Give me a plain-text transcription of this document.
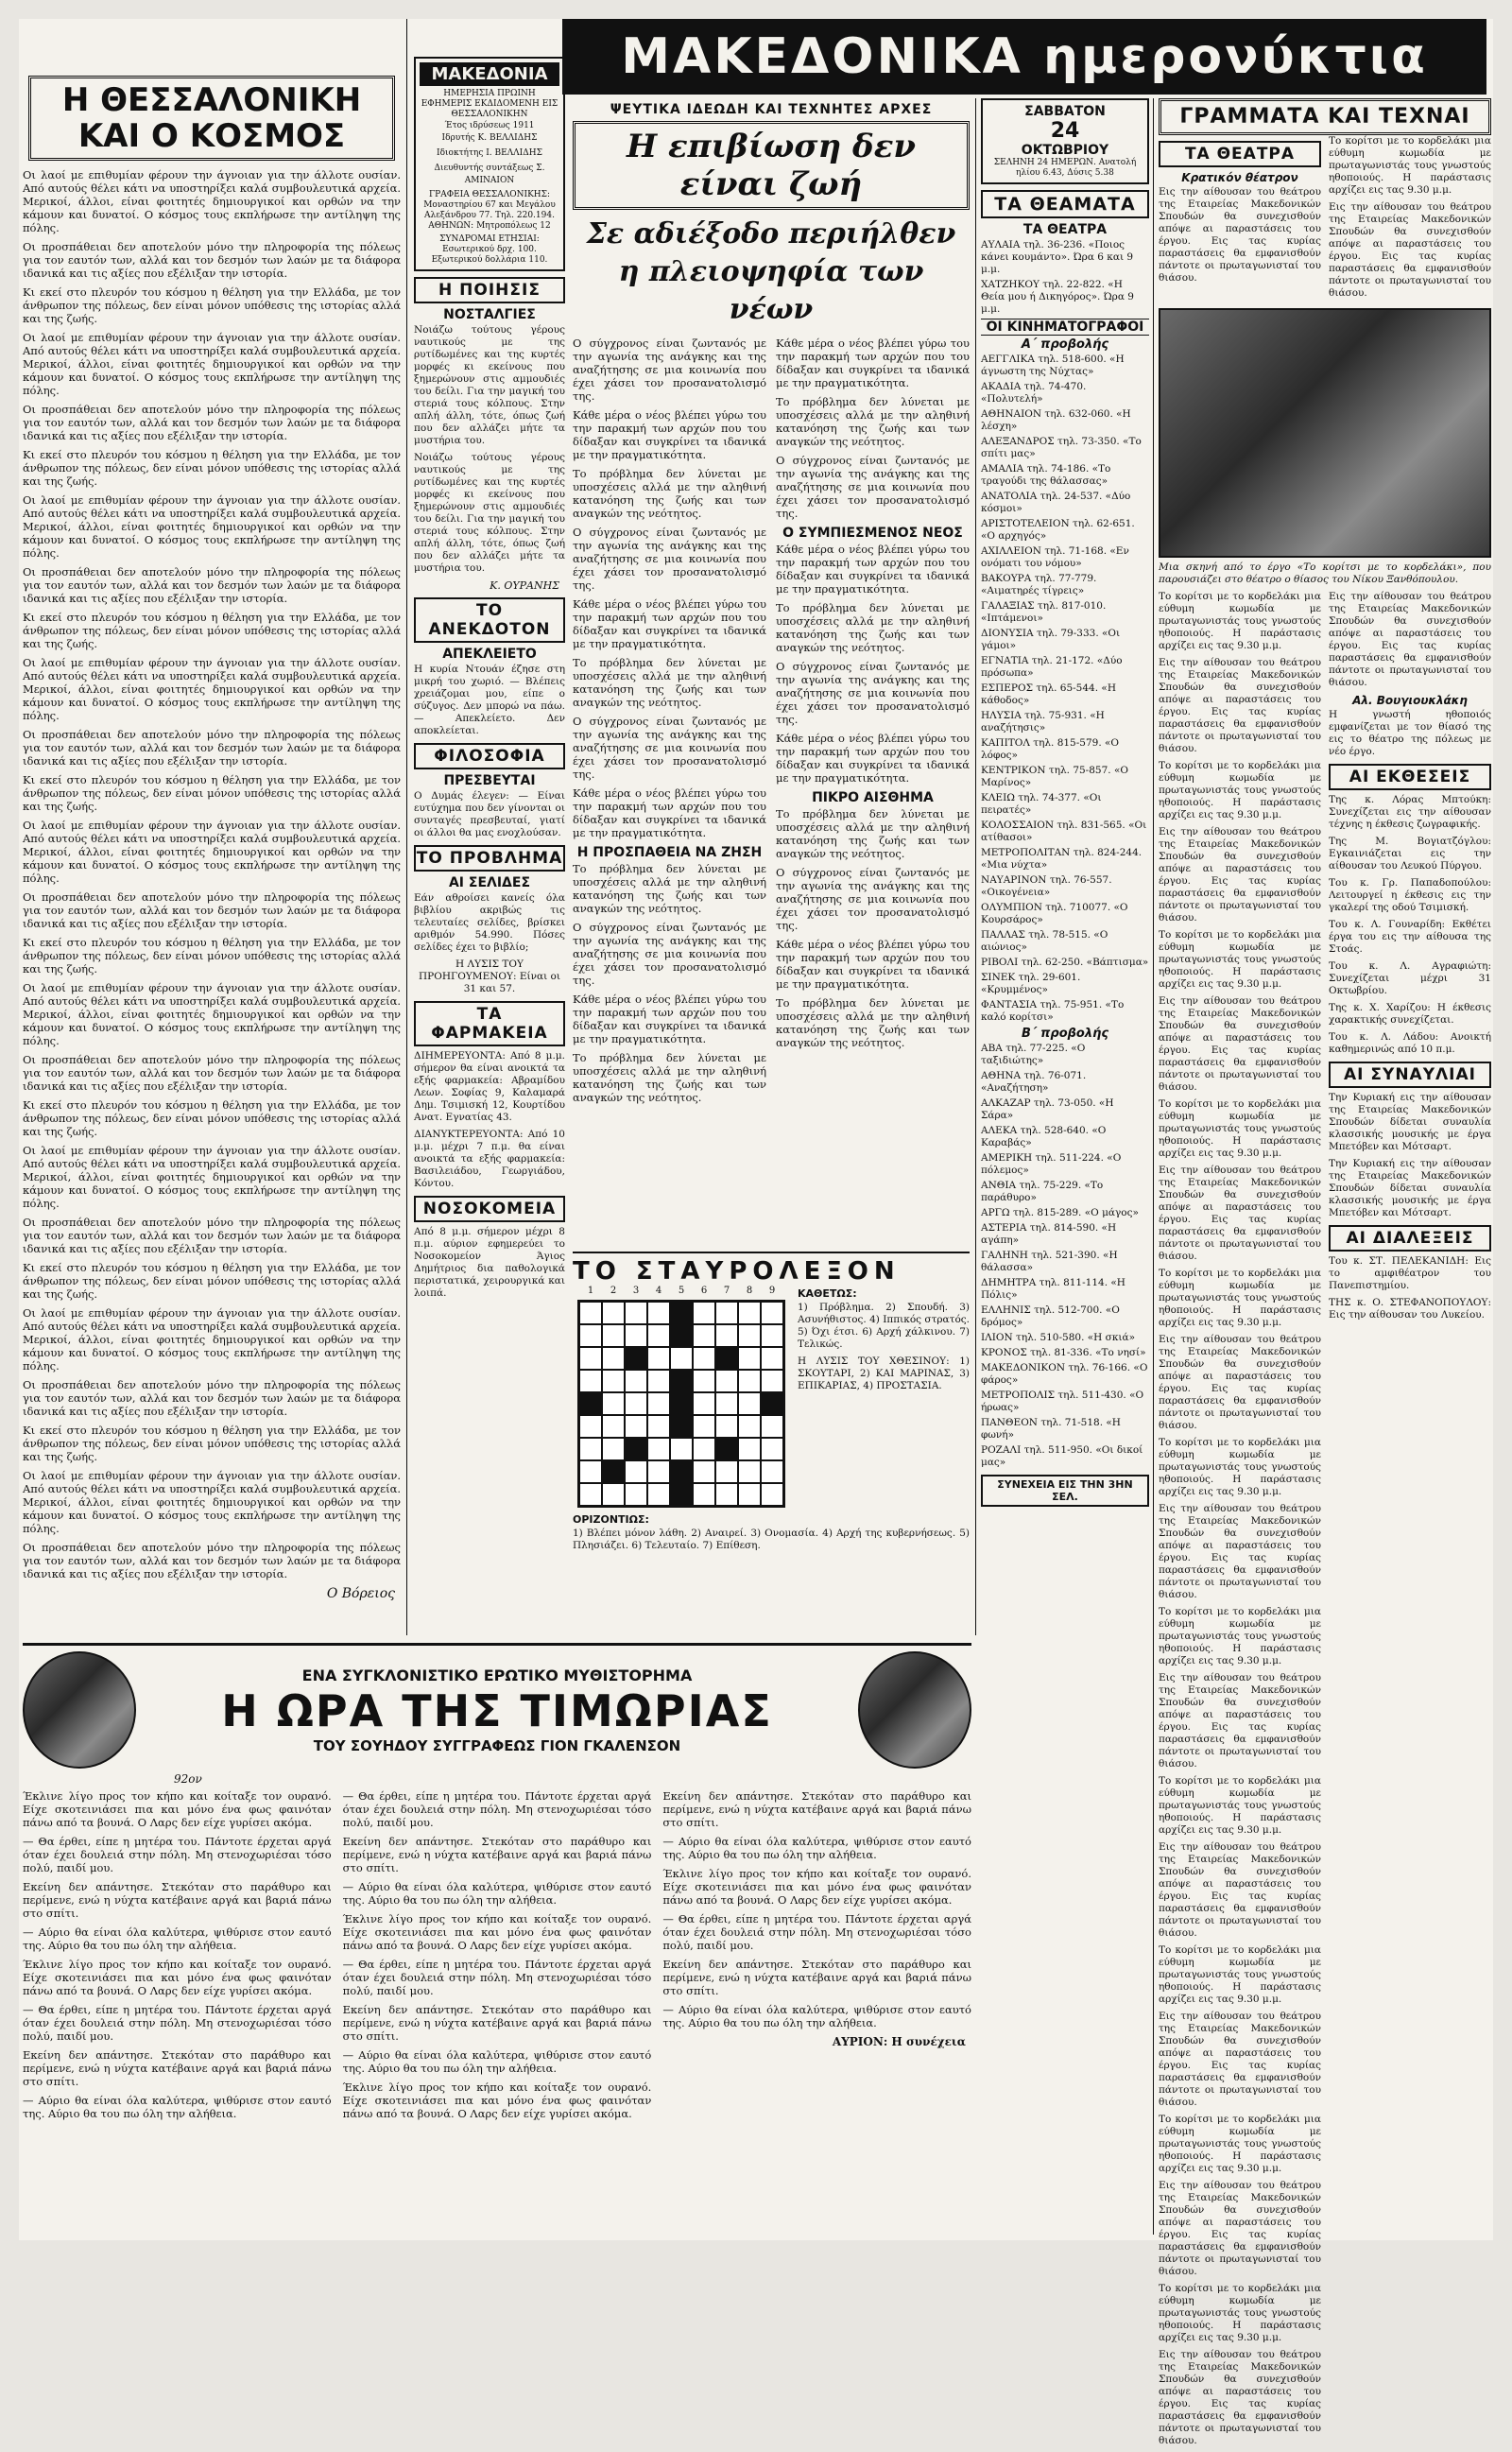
Η ΘΕΣΣΑΛΟΝΙΚΗ ΚΑΙ Ο ΚΟΣΜΟΣ

Οι λαοί με επιθυμίαν φέρουν την άγνοιαν για την άλλοτε ουσίαν. Από αυτούς θέλει κάτι να υποστηρίξει καλά συμβουλευτικά αρχεία. Μερικοί, άλλοι, είναι φοιτητές δημιουργικοί και ορθών να την κάμουν και δυνατοί. Ο κόσμος τους εκπλήρωσε την αντίληψη της πόλης.

Οι προσπάθειαι δεν αποτελούν μόνο την πληροφορία της πόλεως για τον εαυτόν των, αλλά και τον δεσμόν των λαών με τα διάφορα ιδανικά και τις αξίες που εξέλιξαν την ιστορία.

Κι εκεί στο πλευρόν του κόσμου η θέληση για την Ελλάδα, με τον άνθρωπον της πόλεως, δεν είναι μόνον υπόθεσις της ιστορίας αλλά και της ζωής.

Οι λαοί με επιθυμίαν φέρουν την άγνοιαν για την άλλοτε ουσίαν. Από αυτούς θέλει κάτι να υποστηρίξει καλά συμβουλευτικά αρχεία. Μερικοί, άλλοι, είναι φοιτητές δημιουργικοί και ορθών να την κάμουν και δυνατοί. Ο κόσμος τους εκπλήρωσε την αντίληψη της πόλης.

Οι προσπάθειαι δεν αποτελούν μόνο την πληροφορία της πόλεως για τον εαυτόν των, αλλά και τον δεσμόν των λαών με τα διάφορα ιδανικά και τις αξίες που εξέλιξαν την ιστορία.

Κι εκεί στο πλευρόν του κόσμου η θέληση για την Ελλάδα, με τον άνθρωπον της πόλεως, δεν είναι μόνον υπόθεσις της ιστορίας αλλά και της ζωής.

Οι λαοί με επιθυμίαν φέρουν την άγνοιαν για την άλλοτε ουσίαν. Από αυτούς θέλει κάτι να υποστηρίξει καλά συμβουλευτικά αρχεία. Μερικοί, άλλοι, είναι φοιτητές δημιουργικοί και ορθών να την κάμουν και δυνατοί. Ο κόσμος τους εκπλήρωσε την αντίληψη της πόλης.

Οι προσπάθειαι δεν αποτελούν μόνο την πληροφορία της πόλεως για τον εαυτόν των, αλλά και τον δεσμόν των λαών με τα διάφορα ιδανικά και τις αξίες που εξέλιξαν την ιστορία.

Κι εκεί στο πλευρόν του κόσμου η θέληση για την Ελλάδα, με τον άνθρωπον της πόλεως, δεν είναι μόνον υπόθεσις της ιστορίας αλλά και της ζωής.

Οι λαοί με επιθυμίαν φέρουν την άγνοιαν για την άλλοτε ουσίαν. Από αυτούς θέλει κάτι να υποστηρίξει καλά συμβουλευτικά αρχεία. Μερικοί, άλλοι, είναι φοιτητές δημιουργικοί και ορθών να την κάμουν και δυνατοί. Ο κόσμος τους εκπλήρωσε την αντίληψη της πόλης.

Οι προσπάθειαι δεν αποτελούν μόνο την πληροφορία της πόλεως για τον εαυτόν των, αλλά και τον δεσμόν των λαών με τα διάφορα ιδανικά και τις αξίες που εξέλιξαν την ιστορία.

Κι εκεί στο πλευρόν του κόσμου η θέληση για την Ελλάδα, με τον άνθρωπον της πόλεως, δεν είναι μόνον υπόθεσις της ιστορίας αλλά και της ζωής.

Οι λαοί με επιθυμίαν φέρουν την άγνοιαν για την άλλοτε ουσίαν. Από αυτούς θέλει κάτι να υποστηρίξει καλά συμβουλευτικά αρχεία. Μερικοί, άλλοι, είναι φοιτητές δημιουργικοί και ορθών να την κάμουν και δυνατοί. Ο κόσμος τους εκπλήρωσε την αντίληψη της πόλης.

Οι προσπάθειαι δεν αποτελούν μόνο την πληροφορία της πόλεως για τον εαυτόν των, αλλά και τον δεσμόν των λαών με τα διάφορα ιδανικά και τις αξίες που εξέλιξαν την ιστορία.

Κι εκεί στο πλευρόν του κόσμου η θέληση για την Ελλάδα, με τον άνθρωπον της πόλεως, δεν είναι μόνον υπόθεσις της ιστορίας αλλά και της ζωής.

Οι λαοί με επιθυμίαν φέρουν την άγνοιαν για την άλλοτε ουσίαν. Από αυτούς θέλει κάτι να υποστηρίξει καλά συμβουλευτικά αρχεία. Μερικοί, άλλοι, είναι φοιτητές δημιουργικοί και ορθών να την κάμουν και δυνατοί. Ο κόσμος τους εκπλήρωσε την αντίληψη της πόλης.

Οι προσπάθειαι δεν αποτελούν μόνο την πληροφορία της πόλεως για τον εαυτόν των, αλλά και τον δεσμόν των λαών με τα διάφορα ιδανικά και τις αξίες που εξέλιξαν την ιστορία.

Κι εκεί στο πλευρόν του κόσμου η θέληση για την Ελλάδα, με τον άνθρωπον της πόλεως, δεν είναι μόνον υπόθεσις της ιστορίας αλλά και της ζωής.

Οι λαοί με επιθυμίαν φέρουν την άγνοιαν για την άλλοτε ουσίαν. Από αυτούς θέλει κάτι να υποστηρίξει καλά συμβουλευτικά αρχεία. Μερικοί, άλλοι, είναι φοιτητές δημιουργικοί και ορθών να την κάμουν και δυνατοί. Ο κόσμος τους εκπλήρωσε την αντίληψη της πόλης.

Οι προσπάθειαι δεν αποτελούν μόνο την πληροφορία της πόλεως για τον εαυτόν των, αλλά και τον δεσμόν των λαών με τα διάφορα ιδανικά και τις αξίες που εξέλιξαν την ιστορία.

Κι εκεί στο πλευρόν του κόσμου η θέληση για την Ελλάδα, με τον άνθρωπον της πόλεως, δεν είναι μόνον υπόθεσις της ιστορίας αλλά και της ζωής.

Οι λαοί με επιθυμίαν φέρουν την άγνοιαν για την άλλοτε ουσίαν. Από αυτούς θέλει κάτι να υποστηρίξει καλά συμβουλευτικά αρχεία. Μερικοί, άλλοι, είναι φοιτητές δημιουργικοί και ορθών να την κάμουν και δυνατοί. Ο κόσμος τους εκπλήρωσε την αντίληψη της πόλης.

Οι προσπάθειαι δεν αποτελούν μόνο την πληροφορία της πόλεως για τον εαυτόν των, αλλά και τον δεσμόν των λαών με τα διάφορα ιδανικά και τις αξίες που εξέλιξαν την ιστορία.

Κι εκεί στο πλευρόν του κόσμου η θέληση για την Ελλάδα, με τον άνθρωπον της πόλεως, δεν είναι μόνον υπόθεσις της ιστορίας αλλά και της ζωής.

Οι λαοί με επιθυμίαν φέρουν την άγνοιαν για την άλλοτε ουσίαν. Από αυτούς θέλει κάτι να υποστηρίξει καλά συμβουλευτικά αρχεία. Μερικοί, άλλοι, είναι φοιτητές δημιουργικοί και ορθών να την κάμουν και δυνατοί. Ο κόσμος τους εκπλήρωσε την αντίληψη της πόλης.

Οι προσπάθειαι δεν αποτελούν μόνο την πληροφορία της πόλεως για τον εαυτόν των, αλλά και τον δεσμόν των λαών με τα διάφορα ιδανικά και τις αξίες που εξέλιξαν την ιστορία.

Ο Βόρειος
ΜΑΚΕΔΟΝΙΑ
ΗΜΕΡΗΣΙΑ ΠΡΩΙΝΗ ΕΦΗΜΕΡΙΣ ΕΚΔΙΔΟΜΕΝΗ ΕΙΣ ΘΕΣΣΑΛΟΝΙΚΗΝ
Έτος ιδρύσεως 1911
Ιδρυτής Κ. ΒΕΛΛΙΔΗΣ
Ιδιοκτήτης Ι. ΒΕΛΛΙΔΗΣ
Διευθυντής συντάξεως Σ. ΑΜΙΝΑΙΟΝ
ΓΡΑΦΕΙΑ ΘΕΣΣΑΛΟΝΙΚΗΣ: Μοναστηρίου 67 και Μεγάλου Αλεξάνδρου 77. Τηλ. 220.194. ΑΘΗΝΩΝ: Μητροπόλεως 12
ΣΥΝΔΡΟΜΑΙ ΕΤΗΣΙΑΙ: Εσωτερικού δρχ. 100. Εξωτερικού δολλάρια 110.
Η ΠΟΙΗΣΙΣ
ΝΟΣΤΑΛΓΙΕΣ

Νοιάζω τούτους γέρους ναυτικούς με της ρυτίδωμένες και της κυρτές μορφές κι εκείνους που ξημερώνουν στις αμμουδιές του δείλι. Για την μαγική του στεριά τους κόλπους. Στην απλή άλλη, τότε, όπως ζωή που δεν αλλάζει μήτε τα μυστήρια του.

Νοιάζω τούτους γέρους ναυτικούς με της ρυτίδωμένες και της κυρτές μορφές κι εκείνους που ξημερώνουν στις αμμουδιές του δείλι. Για την μαγική του στεριά τους κόλπους. Στην απλή άλλη, τότε, όπως ζωή που δεν αλλάζει μήτε τα μυστήρια του.

Κ. ΟΥΡΑΝΗΣ
ΤΟ ΑΝΕΚΔΟΤΟΝ
ΑΠΕΚΛΕΙΕΤΟ

Η κυρία Ντουάν έζησε στη μικρή του χωριό. — Βλέπεις χρειάζομαι μου, είπε ο σύζυγος. Δεν μπορώ να πάω. — Απεκλείετο. Δεν αποκλείεται.

ΦΙΛΟΣΟΦΙΑ
ΠΡΕΣΒΕΥΤΑΙ

Ο Δυμάς έλεγεν: — Είναι ευτύχημα που δεν γίνονται οι συνταγές πρεσβευταί, γιατί οι άλλοι θα μας ενοχλούσαν.

ΤΟ ΠΡΟΒΛΗΜΑ
ΑΙ ΣΕΛΙΔΕΣ

Εάν αθροίσει κανείς όλα βιβλίου ακριβώς τις τελευταίες σελίδες, βρίσκει αριθμόν 54.990. Πόσες σελίδες έχει το βιβλίο;

Η ΛΥΣΙΣ ΤΟΥ ΠΡΟΗΓΟΥΜΕΝΟΥ: Είναι οι 31 και 57.

ΤΑ ΦΑΡΜΑΚΕΙΑ

ΔΙΗΜΕΡΕΥΟΝΤΑ: Από 8 μ.μ. σήμερον θα είναι ανοικτά τα εξής φαρμακεία: Αβραμίδου Λεων. Σοφίας 9, Καλαμαρά Δημ. Τσιμισκή 12, Κουρτίδου Ανατ. Εγνατίας 43.

ΔΙΑΝΥΚΤΕΡΕΥΟΝΤΑ: Από 10 μ.μ. μέχρι 7 π.μ. θα είναι ανοικτά τα εξής φαρμακεία: Βασιλειάδου, Γεωργιάδου, Κόντου.

ΝΟΣΟΚΟΜΕΙΑ

Από 8 μ.μ. σήμερον μέχρι 8 π.μ. αύριον εφημερεύει το Νοσοκομείον Άγιος Δημήτριος δια παθολογικά περιστατικά, χειρουργικά και λοιπά.

ΜΑΚΕΔΟΝΙΚΑ ημερονύκτια
ΨΕΥΤΙΚΑ ΙΔΕΩΔΗ ΚΑΙ ΤΕΧΝΗΤΕΣ ΑΡΧΕΣ
Η επιβίωση δεν είναι ζωή
Σε αδιέξοδο περιήλθεν η πλειοψηφία των νέων

Ο σύγχρονος είναι ζωντανός με την αγωνία της ανάγκης και της αναζήτησης σε μια κοινωνία που έχει χάσει τον προσανατολισμό της.

Κάθε μέρα ο νέος βλέπει γύρω του την παρακμή των αρχών που του δίδαξαν και συγκρίνει τα ιδανικά με την πραγματικότητα.

Το πρόβλημα δεν λύνεται με υποσχέσεις αλλά με την αληθινή κατανόηση της ζωής και των αναγκών της νεότητος.

Ο σύγχρονος είναι ζωντανός με την αγωνία της ανάγκης και της αναζήτησης σε μια κοινωνία που έχει χάσει τον προσανατολισμό της.

Κάθε μέρα ο νέος βλέπει γύρω του την παρακμή των αρχών που του δίδαξαν και συγκρίνει τα ιδανικά με την πραγματικότητα.

Το πρόβλημα δεν λύνεται με υποσχέσεις αλλά με την αληθινή κατανόηση της ζωής και των αναγκών της νεότητος.

Ο σύγχρονος είναι ζωντανός με την αγωνία της ανάγκης και της αναζήτησης σε μια κοινωνία που έχει χάσει τον προσανατολισμό της.

Κάθε μέρα ο νέος βλέπει γύρω του την παρακμή των αρχών που του δίδαξαν και συγκρίνει τα ιδανικά με την πραγματικότητα.

Η ΠΡΟΣΠΑΘΕΙΑ ΝΑ ΖΗΣΗ

Το πρόβλημα δεν λύνεται με υποσχέσεις αλλά με την αληθινή κατανόηση της ζωής και των αναγκών της νεότητος.

Ο σύγχρονος είναι ζωντανός με την αγωνία της ανάγκης και της αναζήτησης σε μια κοινωνία που έχει χάσει τον προσανατολισμό της.

Κάθε μέρα ο νέος βλέπει γύρω του την παρακμή των αρχών που του δίδαξαν και συγκρίνει τα ιδανικά με την πραγματικότητα.

Το πρόβλημα δεν λύνεται με υποσχέσεις αλλά με την αληθινή κατανόηση της ζωής και των αναγκών της νεότητος.

Κάθε μέρα ο νέος βλέπει γύρω του την παρακμή των αρχών που του δίδαξαν και συγκρίνει τα ιδανικά με την πραγματικότητα.

Το πρόβλημα δεν λύνεται με υποσχέσεις αλλά με την αληθινή κατανόηση της ζωής και των αναγκών της νεότητος.

Ο σύγχρονος είναι ζωντανός με την αγωνία της ανάγκης και της αναζήτησης σε μια κοινωνία που έχει χάσει τον προσανατολισμό της.

Ο ΣΥΜΠΙΕΣΜΕΝΟΣ ΝΕΟΣ

Κάθε μέρα ο νέος βλέπει γύρω του την παρακμή των αρχών που του δίδαξαν και συγκρίνει τα ιδανικά με την πραγματικότητα.

Το πρόβλημα δεν λύνεται με υποσχέσεις αλλά με την αληθινή κατανόηση της ζωής και των αναγκών της νεότητος.

Ο σύγχρονος είναι ζωντανός με την αγωνία της ανάγκης και της αναζήτησης σε μια κοινωνία που έχει χάσει τον προσανατολισμό της.

Κάθε μέρα ο νέος βλέπει γύρω του την παρακμή των αρχών που του δίδαξαν και συγκρίνει τα ιδανικά με την πραγματικότητα.

ΠΙΚΡΟ ΑΙΣΘΗΜΑ

Το πρόβλημα δεν λύνεται με υποσχέσεις αλλά με την αληθινή κατανόηση της ζωής και των αναγκών της νεότητος.

Ο σύγχρονος είναι ζωντανός με την αγωνία της ανάγκης και της αναζήτησης σε μια κοινωνία που έχει χάσει τον προσανατολισμό της.

Κάθε μέρα ο νέος βλέπει γύρω του την παρακμή των αρχών που του δίδαξαν και συγκρίνει τα ιδανικά με την πραγματικότητα.

Το πρόβλημα δεν λύνεται με υποσχέσεις αλλά με την αληθινή κατανόηση της ζωής και των αναγκών της νεότητος.

ΤΟ ΣΤΑΥΡΟΛΕΞΟΝ
1	2	3	4	5	6	7	8	9	ΚΑΘΕΤΩΣ:

1) Πρόβλημα. 2) Σπουδή. 3) Ασυνήθιστος. 4) Ιππικός στρατός. 5) Όχι έτσι. 6) Αρχή χάλκινου. 7) Τελικώς.

Η ΛΥΣΙΣ ΤΟΥ ΧΘΕΣΙΝΟΥ: 1) ΣΚΟΥΤΑΡΙ, 2) ΚΑΙ ΜΑΡΙΝΑΣ, 3) ΕΠΙΚΑΡΙΑΣ, 4) ΠΡΟΣΤΑΣΙΑ.

ΟΡΙΖΟΝΤΙΩΣ:

1) Βλέπει μόνον λάθη. 2) Αναιρεί. 3) Ονομασία. 4) Αρχή της κυβερνήσεως. 5) Πλησιάζει. 6) Τελευταίο. 7) Επίθεση.

ΣΑΒΒΑΤΟΝ
24
ΟΚΤΩΒΡΙΟΥ
ΣΕΛΗΝΗ 24 ΗΜΕΡΩΝ. Ανατολή ηλίου 6.43, Δύσις 5.38
ΤΑ ΘΕΑΜΑΤΑ
ΤΑ ΘΕΑΤΡΑ

ΑΥΛΑΙΑ τηλ. 36-236. «Ποιος κάνει κουμάντο». Ώρα 6 και 9 μ.μ.

ΧΑΤΖΗΚΟΥ τηλ. 22-822. «Η Θεία μου ή Δικηγόρος». Ώρα 9 μ.μ.

ΟΙ ΚΙΝΗΜΑΤΟΓΡΑΦΟΙ
Α΄ προβολής

ΑΕΓΓΛΙΚΑ τηλ. 518-600. «Η άγνωστη της Νύχτας»

ΑΚΑΔΙΑ τηλ. 74-470. «Πολυτελή»

ΑΘΗΝΑΙΟΝ τηλ. 632-060. «Η λέσχη»

ΑΛΕΞΑΝΔΡΟΣ τηλ. 73-350. «Το σπίτι μας»

ΑΜΑΛΙΑ τηλ. 74-186. «Το τραγούδι της θάλασσας»

ΑΝΑΤΟΛΙΑ τηλ. 24-537. «Δύο κόσμοι»

ΑΡΙΣΤΟΤΕΛΕΙΟΝ τηλ. 62-651. «Ο αρχηγός»

ΑΧΙΛΛΕΙΟΝ τηλ. 71-168. «Εν ονόματι του νόμου»

ΒΑΚΟΥΡΑ τηλ. 77-779. «Αιματηρές τίγρεις»

ΓΑΛΑΞΙΑΣ τηλ. 817-010. «Ιπτάμενοι»

ΔΙΟΝΥΣΙΑ τηλ. 79-333. «Οι γάμοι»

ΕΓΝΑΤΙΑ τηλ. 21-172. «Δύο πρόσωπα»

ΕΣΠΕΡΟΣ τηλ. 65-544. «Η κάθοδος»

ΗΛΥΣΙΑ τηλ. 75-931. «Η αναζήτησις»

ΚΑΠΙΤΟΛ τηλ. 815-579. «Ο λόφος»

ΚΕΝΤΡΙΚΟΝ τηλ. 75-857. «Ο Μαρίνος»

ΚΛΕΙΩ τηλ. 74-377. «Οι πειρατές»

ΚΟΛΟΣΣΑΙΟΝ τηλ. 831-565. «Οι ατίθασοι»

ΜΕΤΡΟΠΟΛΙΤΑΝ τηλ. 824-244. «Μια νύχτα»

ΝΑΥΑΡΙΝΟΝ τηλ. 76-557. «Οικογένεια»

ΟΛΥΜΠΙΟΝ τηλ. 710077. «Ο Κουρσάρος»

ΠΑΛΛΑΣ τηλ. 78-515. «Ο αιώνιος»

ΡΙΒΟΛΙ τηλ. 62-250. «Βάπτισμα»

ΣΙΝΕΚ τηλ. 29-601. «Κρυμμένος»

ΦΑΝΤΑΣΙΑ τηλ. 75-951. «Το καλό κορίτσι»

Β΄ προβολής

ΑΒΑ τηλ. 77-225. «Ο ταξιδιώτης»

ΑΘΗΝΑ τηλ. 76-071. «Αναζήτηση»

ΑΛΚΑΖΑΡ τηλ. 73-050. «Η Σάρα»

ΑΛΕΚΑ τηλ. 528-640. «Ο Καραβάς»

ΑΜΕΡΙΚΗ τηλ. 511-224. «Ο πόλεμος»

ΑΝΘΙΑ τηλ. 75-229. «Το παράθυρο»

ΑΡΓΩ τηλ. 815-289. «Ο μάγος»

ΑΣΤΕΡΙΑ τηλ. 814-590. «Η αγάπη»

ΓΑΛΗΝΗ τηλ. 521-390. «Η θάλασσα»

ΔΗΜΗΤΡΑ τηλ. 811-114. «Η Πόλις»

ΕΛΛΗΝΙΣ τηλ. 512-700. «Ο δρόμος»

ΙΛΙΟΝ τηλ. 510-580. «Η σκιά»

ΚΡΟΝΟΣ τηλ. 81-336. «Το νησί»

ΜΑΚΕΔΟΝΙΚΟΝ τηλ. 76-166. «Ο φάρος»

ΜΕΤΡΟΠΟΛΙΣ τηλ. 511-430. «Ο ήρωας»

ΠΑΝΘΕΟΝ τηλ. 71-518. «Η φωνή»

ΡΟΖΑΛΙ τηλ. 511-950. «Οι δικοί μας»

ΣΥΝΕΧΕΙΑ ΕΙΣ ΤΗΝ 3ΗΝ ΣΕΛ.
ΓΡΑΜΜΑΤΑ ΚΑΙ ΤΕΧΝΑΙ
ΤΑ ΘΕΑΤΡΑ
Κρατικόν θέατρον

Εις την αίθουσαν του θεάτρου της Εταιρείας Μακεδονικών Σπουδών θα συνεχισθούν απόψε αι παραστάσεις του έργου. Εις τας κυρίας παραστάσεις θα εμφανισθούν πάντοτε οι πρωταγωνισταί του θιάσου.

Το κορίτσι με το κορδελάκι μια εύθυμη κωμωδία με πρωταγωνιστάς τους γνωστούς ηθοποιούς. Η παράστασις αρχίζει εις τας 9.30 μ.μ.

Εις την αίθουσαν του θεάτρου της Εταιρείας Μακεδονικών Σπουδών θα συνεχισθούν απόψε αι παραστάσεις του έργου. Εις τας κυρίας παραστάσεις θα εμφανισθούν πάντοτε οι πρωταγωνισταί του θιάσου.

Μια σκηνή από το έργο «Το κορίτσι με το κορδελάκι», που παρουσιάζει στο θέατρο ο θίασος του Νίκου Ξανθόπουλου.

Το κορίτσι με το κορδελάκι μια εύθυμη κωμωδία με πρωταγωνιστάς τους γνωστούς ηθοποιούς. Η παράστασις αρχίζει εις τας 9.30 μ.μ.

Εις την αίθουσαν του θεάτρου της Εταιρείας Μακεδονικών Σπουδών θα συνεχισθούν απόψε αι παραστάσεις του έργου. Εις τας κυρίας παραστάσεις θα εμφανισθούν πάντοτε οι πρωταγωνισταί του θιάσου.

Το κορίτσι με το κορδελάκι μια εύθυμη κωμωδία με πρωταγωνιστάς τους γνωστούς ηθοποιούς. Η παράστασις αρχίζει εις τας 9.30 μ.μ.

Εις την αίθουσαν του θεάτρου της Εταιρείας Μακεδονικών Σπουδών θα συνεχισθούν απόψε αι παραστάσεις του έργου. Εις τας κυρίας παραστάσεις θα εμφανισθούν πάντοτε οι πρωταγωνισταί του θιάσου.

Το κορίτσι με το κορδελάκι μια εύθυμη κωμωδία με πρωταγωνιστάς τους γνωστούς ηθοποιούς. Η παράστασις αρχίζει εις τας 9.30 μ.μ.

Εις την αίθουσαν του θεάτρου της Εταιρείας Μακεδονικών Σπουδών θα συνεχισθούν απόψε αι παραστάσεις του έργου. Εις τας κυρίας παραστάσεις θα εμφανισθούν πάντοτε οι πρωταγωνισταί του θιάσου.

Το κορίτσι με το κορδελάκι μια εύθυμη κωμωδία με πρωταγωνιστάς τους γνωστούς ηθοποιούς. Η παράστασις αρχίζει εις τας 9.30 μ.μ.

Εις την αίθουσαν του θεάτρου της Εταιρείας Μακεδονικών Σπουδών θα συνεχισθούν απόψε αι παραστάσεις του έργου. Εις τας κυρίας παραστάσεις θα εμφανισθούν πάντοτε οι πρωταγωνισταί του θιάσου.

Το κορίτσι με το κορδελάκι μια εύθυμη κωμωδία με πρωταγωνιστάς τους γνωστούς ηθοποιούς. Η παράστασις αρχίζει εις τας 9.30 μ.μ.

Εις την αίθουσαν του θεάτρου της Εταιρείας Μακεδονικών Σπουδών θα συνεχισθούν απόψε αι παραστάσεις του έργου. Εις τας κυρίας παραστάσεις θα εμφανισθούν πάντοτε οι πρωταγωνισταί του θιάσου.

Το κορίτσι με το κορδελάκι μια εύθυμη κωμωδία με πρωταγωνιστάς τους γνωστούς ηθοποιούς. Η παράστασις αρχίζει εις τας 9.30 μ.μ.

Εις την αίθουσαν του θεάτρου της Εταιρείας Μακεδονικών Σπουδών θα συνεχισθούν απόψε αι παραστάσεις του έργου. Εις τας κυρίας παραστάσεις θα εμφανισθούν πάντοτε οι πρωταγωνισταί του θιάσου.

Το κορίτσι με το κορδελάκι μια εύθυμη κωμωδία με πρωταγωνιστάς τους γνωστούς ηθοποιούς. Η παράστασις αρχίζει εις τας 9.30 μ.μ.

Εις την αίθουσαν του θεάτρου της Εταιρείας Μακεδονικών Σπουδών θα συνεχισθούν απόψε αι παραστάσεις του έργου. Εις τας κυρίας παραστάσεις θα εμφανισθούν πάντοτε οι πρωταγωνισταί του θιάσου.

Το κορίτσι με το κορδελάκι μια εύθυμη κωμωδία με πρωταγωνιστάς τους γνωστούς ηθοποιούς. Η παράστασις αρχίζει εις τας 9.30 μ.μ.

Εις την αίθουσαν του θεάτρου της Εταιρείας Μακεδονικών Σπουδών θα συνεχισθούν απόψε αι παραστάσεις του έργου. Εις τας κυρίας παραστάσεις θα εμφανισθούν πάντοτε οι πρωταγωνισταί του θιάσου.

Το κορίτσι με το κορδελάκι μια εύθυμη κωμωδία με πρωταγωνιστάς τους γνωστούς ηθοποιούς. Η παράστασις αρχίζει εις τας 9.30 μ.μ.

Εις την αίθουσαν του θεάτρου της Εταιρείας Μακεδονικών Σπουδών θα συνεχισθούν απόψε αι παραστάσεις του έργου. Εις τας κυρίας παραστάσεις θα εμφανισθούν πάντοτε οι πρωταγωνισταί του θιάσου.

Το κορίτσι με το κορδελάκι μια εύθυμη κωμωδία με πρωταγωνιστάς τους γνωστούς ηθοποιούς. Η παράστασις αρχίζει εις τας 9.30 μ.μ.

Εις την αίθουσαν του θεάτρου της Εταιρείας Μακεδονικών Σπουδών θα συνεχισθούν απόψε αι παραστάσεις του έργου. Εις τας κυρίας παραστάσεις θα εμφανισθούν πάντοτε οι πρωταγωνισταί του θιάσου.

Το κορίτσι με το κορδελάκι μια εύθυμη κωμωδία με πρωταγωνιστάς τους γνωστούς ηθοποιούς. Η παράστασις αρχίζει εις τας 9.30 μ.μ.

Εις την αίθουσαν του θεάτρου της Εταιρείας Μακεδονικών Σπουδών θα συνεχισθούν απόψε αι παραστάσεις του έργου. Εις τας κυρίας παραστάσεις θα εμφανισθούν πάντοτε οι πρωταγωνισταί του θιάσου.

Εις την αίθουσαν του θεάτρου της Εταιρείας Μακεδονικών Σπουδών θα συνεχισθούν απόψε αι παραστάσεις του έργου. Εις τας κυρίας παραστάσεις θα εμφανισθούν πάντοτε οι πρωταγωνισταί του θιάσου.

Αλ. Βουγιουκλάκη

Η γνωστή ηθοποιός εμφανίζεται με τον θίασό της εις το θέατρο της πόλεως με νέο έργο.

ΑΙ ΕΚΘΕΣΕΙΣ

Της κ. Λόρας Μπτούκη: Συνεχίζεται εις την αίθουσαν τέχνης η έκθεσις ζωγραφικής.

Της Μ. Βογιατζόγλου: Εγκαινιάζεται εις την αίθουσαν του Λευκού Πύργου.

Του κ. Γρ. Παπαδοπούλου: Λειτουργεί η έκθεσις εις την γκαλερί της οδού Τσιμισκή.

Του κ. Λ. Γουναρίδη: Εκθέτει έργα του εις την αίθουσα της Στοάς.

Του κ. Λ. Αγραφιώτη: Συνεχίζεται μέχρι 31 Οκτωβρίου.

Της κ. Χ. Χαρίζου: Η έκθεσις χαρακτικής συνεχίζεται.

Του κ. Λ. Λάδου: Ανοικτή καθημερινώς από 10 π.μ.

ΑΙ ΣΥΝΑΥΛΙΑΙ

Την Κυριακή εις την αίθουσαν της Εταιρείας Μακεδονικών Σπουδών δίδεται συναυλία κλασσικής μουσικής με έργα Μπετόβεν και Μότσαρτ.

Την Κυριακή εις την αίθουσαν της Εταιρείας Μακεδονικών Σπουδών δίδεται συναυλία κλασσικής μουσικής με έργα Μπετόβεν και Μότσαρτ.

ΑΙ ΔΙΑΛΕΞΕΙΣ

Του κ. ΣΤ. ΠΕΛΕΚΑΝΙΔΗ: Εις το αμφιθέατρον του Πανεπιστημίου.

ΤΗΣ κ. Ο. ΣΤΕΦΑΝΟΠΟΥΛΟΥ: Εις την αίθουσαν του Λυκείου.

ΕΝΑ ΣΥΓΚΛΟΝΙΣΤΙΚΟ ΕΡΩΤΙΚΟ ΜΥΘΙΣΤΟΡΗΜΑ
Η ΩΡΑ ΤΗΣ ΤΙΜΩΡΙΑΣ
ΤΟΥ ΣΟΥΗΔΟΥ ΣΥΓΓΡΑΦΕΩΣ ΓΙΟΝ ΓΚΑΛΕΝΣΟΝ
92ον

Έκλινε λίγο προς τον κήπο και κοίταξε τον ουρανό. Είχε σκοτεινιάσει πια και μόνο ένα φως φαινόταν πάνω από τα βουνά. Ο Λαρς δεν είχε γυρίσει ακόμα.

— Θα έρθει, είπε η μητέρα του. Πάντοτε έρχεται αργά όταν έχει δουλειά στην πόλη. Μη στενοχωριέσαι τόσο πολύ, παιδί μου.

Εκείνη δεν απάντησε. Στεκόταν στο παράθυρο και περίμενε, ενώ η νύχτα κατέβαινε αργά και βαριά πάνω στο σπίτι.

— Αύριο θα είναι όλα καλύτερα, ψιθύρισε στον εαυτό της. Αύριο θα του πω όλη την αλήθεια.

Έκλινε λίγο προς τον κήπο και κοίταξε τον ουρανό. Είχε σκοτεινιάσει πια και μόνο ένα φως φαινόταν πάνω από τα βουνά. Ο Λαρς δεν είχε γυρίσει ακόμα.

— Θα έρθει, είπε η μητέρα του. Πάντοτε έρχεται αργά όταν έχει δουλειά στην πόλη. Μη στενοχωριέσαι τόσο πολύ, παιδί μου.

Εκείνη δεν απάντησε. Στεκόταν στο παράθυρο και περίμενε, ενώ η νύχτα κατέβαινε αργά και βαριά πάνω στο σπίτι.

— Αύριο θα είναι όλα καλύτερα, ψιθύρισε στον εαυτό της. Αύριο θα του πω όλη την αλήθεια.

— Θα έρθει, είπε η μητέρα του. Πάντοτε έρχεται αργά όταν έχει δουλειά στην πόλη. Μη στενοχωριέσαι τόσο πολύ, παιδί μου.

Εκείνη δεν απάντησε. Στεκόταν στο παράθυρο και περίμενε, ενώ η νύχτα κατέβαινε αργά και βαριά πάνω στο σπίτι.

— Αύριο θα είναι όλα καλύτερα, ψιθύρισε στον εαυτό της. Αύριο θα του πω όλη την αλήθεια.

Έκλινε λίγο προς τον κήπο και κοίταξε τον ουρανό. Είχε σκοτεινιάσει πια και μόνο ένα φως φαινόταν πάνω από τα βουνά. Ο Λαρς δεν είχε γυρίσει ακόμα.

— Θα έρθει, είπε η μητέρα του. Πάντοτε έρχεται αργά όταν έχει δουλειά στην πόλη. Μη στενοχωριέσαι τόσο πολύ, παιδί μου.

Εκείνη δεν απάντησε. Στεκόταν στο παράθυρο και περίμενε, ενώ η νύχτα κατέβαινε αργά και βαριά πάνω στο σπίτι.

— Αύριο θα είναι όλα καλύτερα, ψιθύρισε στον εαυτό της. Αύριο θα του πω όλη την αλήθεια.

Έκλινε λίγο προς τον κήπο και κοίταξε τον ουρανό. Είχε σκοτεινιάσει πια και μόνο ένα φως φαινόταν πάνω από τα βουνά. Ο Λαρς δεν είχε γυρίσει ακόμα.

Εκείνη δεν απάντησε. Στεκόταν στο παράθυρο και περίμενε, ενώ η νύχτα κατέβαινε αργά και βαριά πάνω στο σπίτι.

— Αύριο θα είναι όλα καλύτερα, ψιθύρισε στον εαυτό της. Αύριο θα του πω όλη την αλήθεια.

Έκλινε λίγο προς τον κήπο και κοίταξε τον ουρανό. Είχε σκοτεινιάσει πια και μόνο ένα φως φαινόταν πάνω από τα βουνά. Ο Λαρς δεν είχε γυρίσει ακόμα.

— Θα έρθει, είπε η μητέρα του. Πάντοτε έρχεται αργά όταν έχει δουλειά στην πόλη. Μη στενοχωριέσαι τόσο πολύ, παιδί μου.

Εκείνη δεν απάντησε. Στεκόταν στο παράθυρο και περίμενε, ενώ η νύχτα κατέβαινε αργά και βαριά πάνω στο σπίτι.

— Αύριο θα είναι όλα καλύτερα, ψιθύρισε στον εαυτό της. Αύριο θα του πω όλη την αλήθεια.

ΑΥΡΙΟΝ: Η συνέχεια
